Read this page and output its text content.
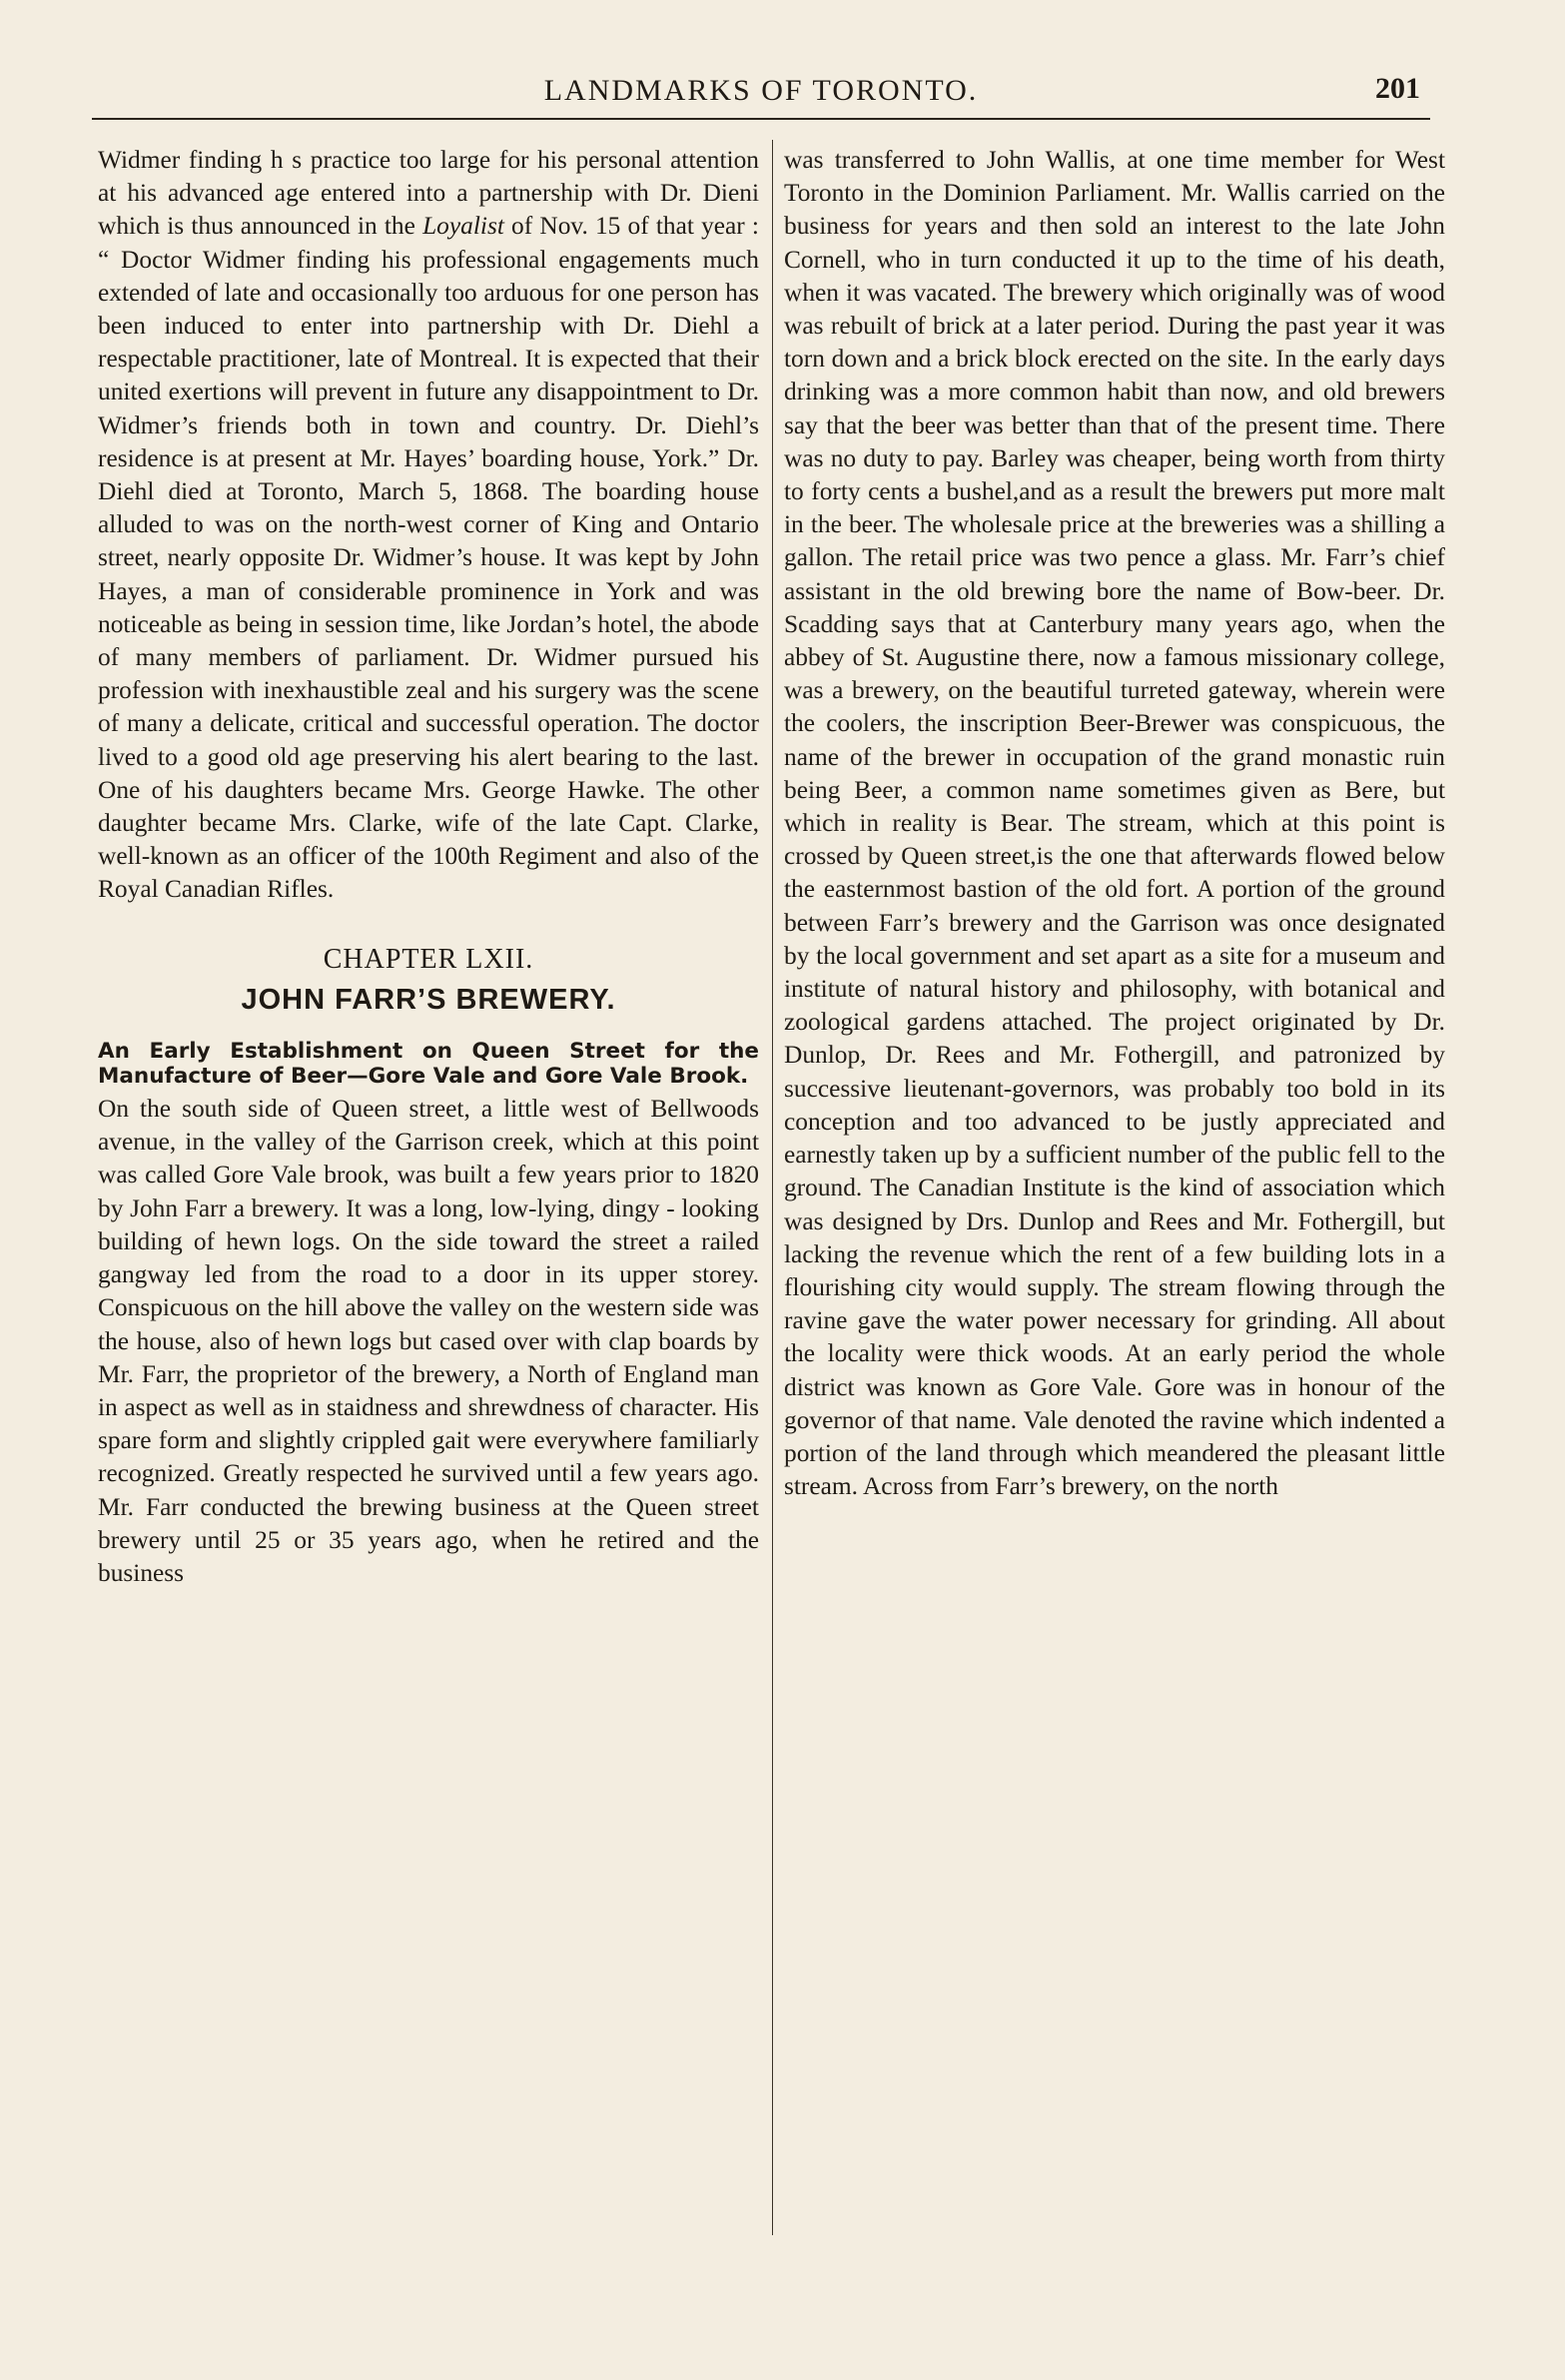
LANDMARKS OF TORONTO.	201

Widmer finding h s practice too large for his personal attention at his advanced age entered into a partnership with Dr. Dieni which is thus announced in the Loyalist of Nov. 15 of that year : “ Doctor Widmer finding his professional engagements much extended of late and occasionally too arduous for one person has been induced to enter into partnership with Dr. Diehl a respectable practitioner, late of Montreal. It is expected that their united exertions will prevent in future any disappointment to Dr. Widmer’s friends both in town and country. Dr. Diehl’s residence is at present at Mr. Hayes’ boarding house, York.” Dr. Diehl died at Toronto, March 5, 1868. The boarding house alluded to was on the north-west corner of King and Ontario street, nearly opposite Dr. Widmer’s house. It was kept by John Hayes, a man of considerable prominence in York and was noticeable as being in session time, like Jordan’s hotel, the abode of many members of parliament. Dr. Widmer pursued his profession with inexhaustible zeal and his surgery was the scene of many a delicate, critical and successful operation. The doctor lived to a good old age preserving his alert bearing to the last. One of his daughters became Mrs. George Hawke. The other daughter became Mrs. Clarke, wife of the late Capt. Clarke, well-known as an officer of the 100th Regiment and also of the Royal Canadian Rifles.

CHAPTER LXII.
JOHN FARR’S BREWERY.
An Early Establishment on Queen Street for the Manufacture of Beer—Gore Vale and Gore Vale Brook.

On the south side of Queen street, a little west of Bellwoods avenue, in the valley of the Garrison creek, which at this point was called Gore Vale brook, was built a few years prior to 1820 by John Farr a brewery. It was a long, low-lying, dingy - looking building of hewn logs. On the side toward the street a railed gangway led from the road to a door in its upper storey. Conspicuous on the hill above the valley on the western side was the house, also of hewn logs but cased over with clap boards by Mr. Farr, the proprietor of the brewery, a North of England man in aspect as well as in staidness and shrewdness of character. His spare form and slightly crippled gait were everywhere familiarly recognized. Greatly respected he survived until a few years ago. Mr. Farr conducted the brewing business at the Queen street brewery until 25 or 35 years ago, when he retired and the business

was transferred to John Wallis, at one time member for West Toronto in the Dominion Parliament. Mr. Wallis carried on the business for years and then sold an interest to the late John Cornell, who in turn conducted it up to the time of his death, when it was vacated. The brewery which originally was of wood was rebuilt of brick at a later period. During the past year it was torn down and a brick block erected on the site. In the early days drinking was a more common habit than now, and old brewers say that the beer was better than that of the present time. There was no duty to pay. Barley was cheaper, being worth from thirty to forty cents a bushel,and as a result the brewers put more malt in the beer. The wholesale price at the breweries was a shilling a gallon. The retail price was two pence a glass. Mr. Farr’s chief assistant in the old brewing bore the name of Bow-beer. Dr. Scadding says that at Canterbury many years ago, when the abbey of St. Augustine there, now a famous missionary college, was a brewery, on the beautiful turreted gateway, wherein were the coolers, the inscription Beer-Brewer was conspicuous, the name of the brewer in occupation of the grand monastic ruin being Beer, a common name sometimes given as Bere, but which in reality is Bear. The stream, which at this point is crossed by Queen street,is the one that afterwards flowed below the easternmost bastion of the old fort. A portion of the ground between Farr’s brewery and the Garrison was once designated by the local government and set apart as a site for a museum and institute of natural history and philosophy, with botanical and zoological gardens attached. The project originated by Dr. Dunlop, Dr. Rees and Mr. Fothergill, and patronized by successive lieutenant-governors, was probably too bold in its conception and too advanced to be justly appreciated and earnestly taken up by a sufficient number of the public fell to the ground. The Canadian Institute is the kind of association which was designed by Drs. Dunlop and Rees and Mr. Fothergill, but lacking the revenue which the rent of a few building lots in a flourishing city would supply. The stream flowing through the ravine gave the water power necessary for grinding. All about the locality were thick woods. At an early period the whole district was known as Gore Vale. Gore was in honour of the governor of that name. Vale denoted the ravine which indented a portion of the land through which meandered the pleasant little stream. Across from Farr’s brewery, on the north
